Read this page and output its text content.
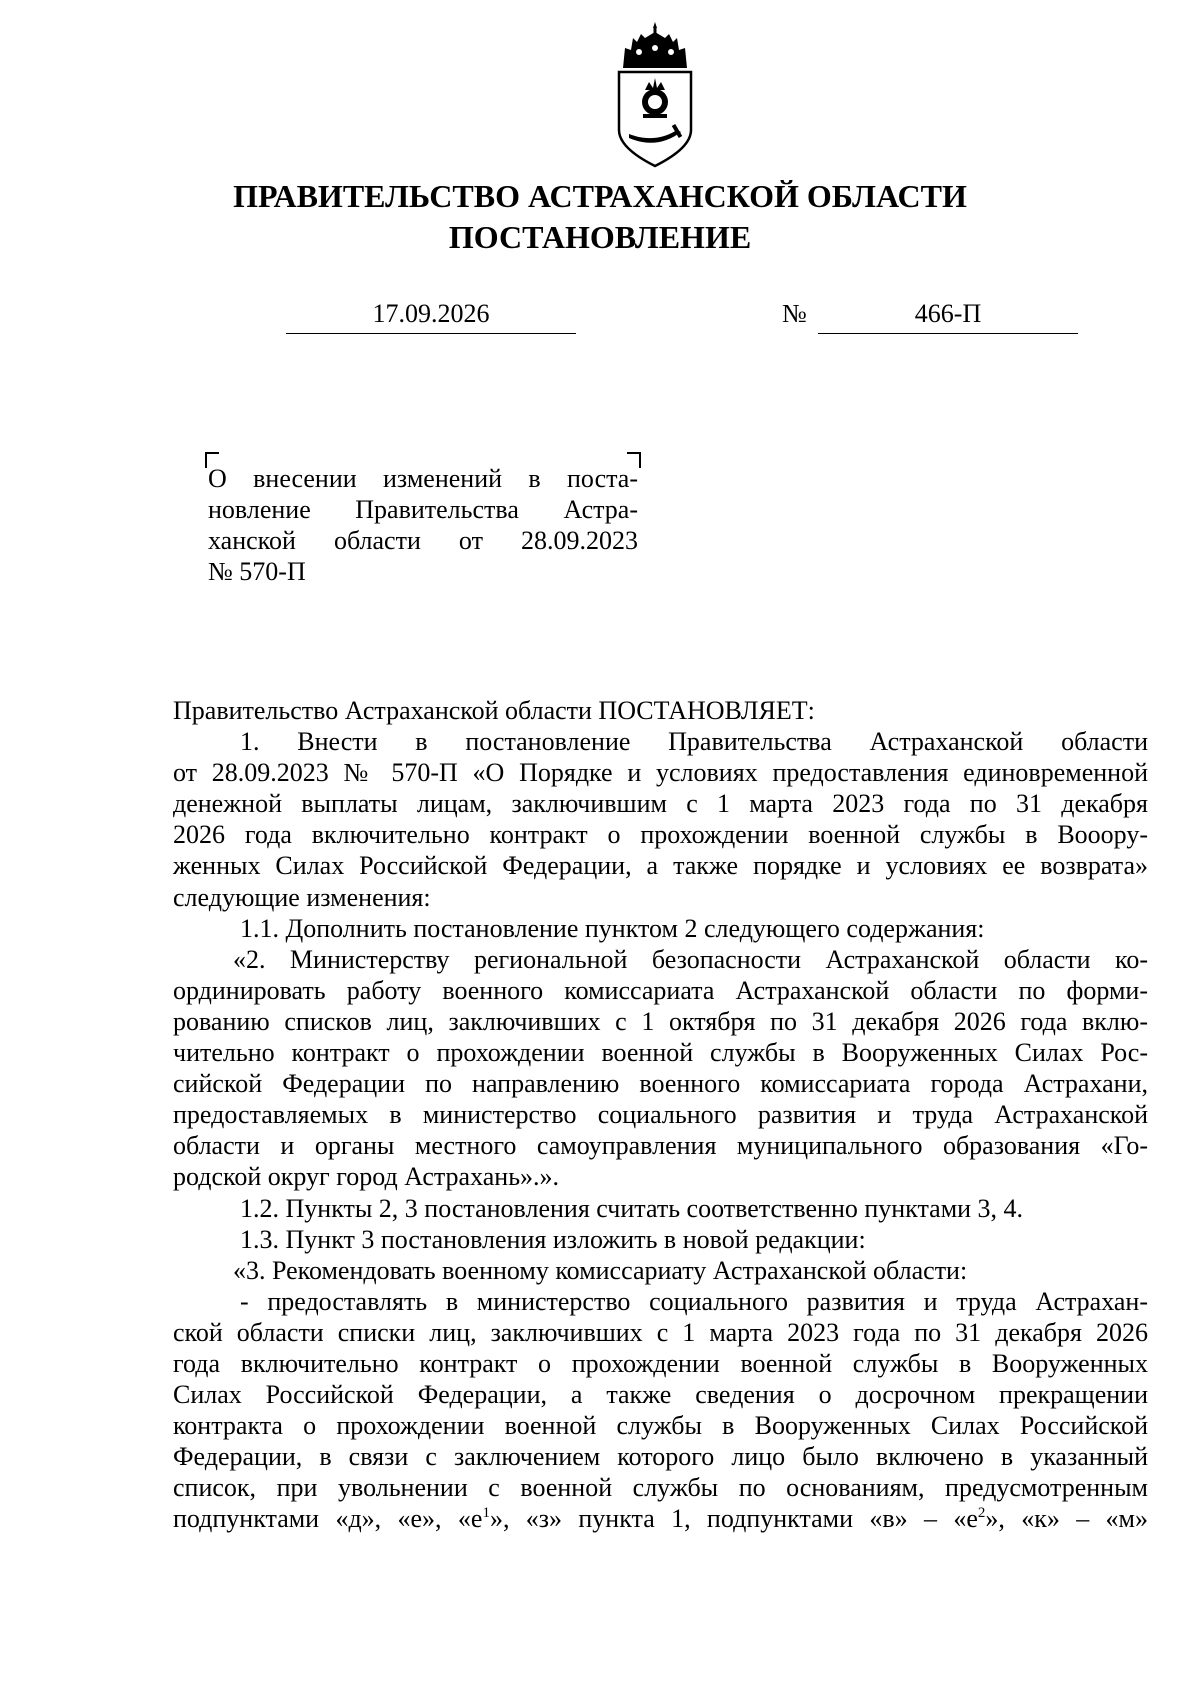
ПРАВИТЕЛЬСТВО АСТРАХАНСКОЙ ОБЛАСТИ
ПОСТАНОВЛЕНИЕ
17.09.2026	№	466-П
О внесении изменений в поста-
новление Правительства Астра-
ханской области от 28.09.2023
№ 570-П
Правительство Астраханской области ПОСТАНОВЛЯЕТ:
1. Внести в постановление Правительства Астраханской области
от 28.09.2023 № 570-П «О Порядке и условиях предоставления единовременной
денежной выплаты лицам, заключившим с 1 марта 2023 года по 31 декабря
2026 года включительно контракт о прохождении военной службы в Вооору-
женных Силах Российской Федерации, а также порядке и условиях ее возврата»
следующие изменения:
1.1. Дополнить постановление пунктом 2 следующего содержания:
«2. Министерству региональной безопасности Астраханской области ко-
ординировать работу военного комиссариата Астраханской области по форми-
рованию списков лиц, заключивших с 1 октября по 31 декабря 2026 года вклю-
чительно контракт о прохождении военной службы в Вооруженных Силах Рос-
сийской Федерации по направлению военного комиссариата города Астрахани,
предоставляемых в министерство социального развития и труда Астраханской
области и органы местного самоуправления муниципального образования «Го-
родской округ город Астрахань».».
1.2. Пункты 2, 3 постановления считать соответственно пунктами 3, 4.
1.3. Пункт 3 постановления изложить в новой редакции:
«3. Рекомендовать военному комиссариату Астраханской области:
- предоставлять в министерство социального развития и труда Астрахан-
ской области списки лиц, заключивших с 1 марта 2023 года по 31 декабря 2026
года включительно контракт о прохождении военной службы в Вооруженных
Силах Российской Федерации, а также сведения о досрочном прекращении
контракта о прохождении военной службы в Вооруженных Силах Российской
Федерации, в связи с заключением которого лицо было включено в указанный
список, при увольнении с военной службы по основаниям, предусмотренным
подпунктами «д», «е», «$е^1$», «з» пункта 1, подпунктами «в» – «$е^2$», «к» – «м»
